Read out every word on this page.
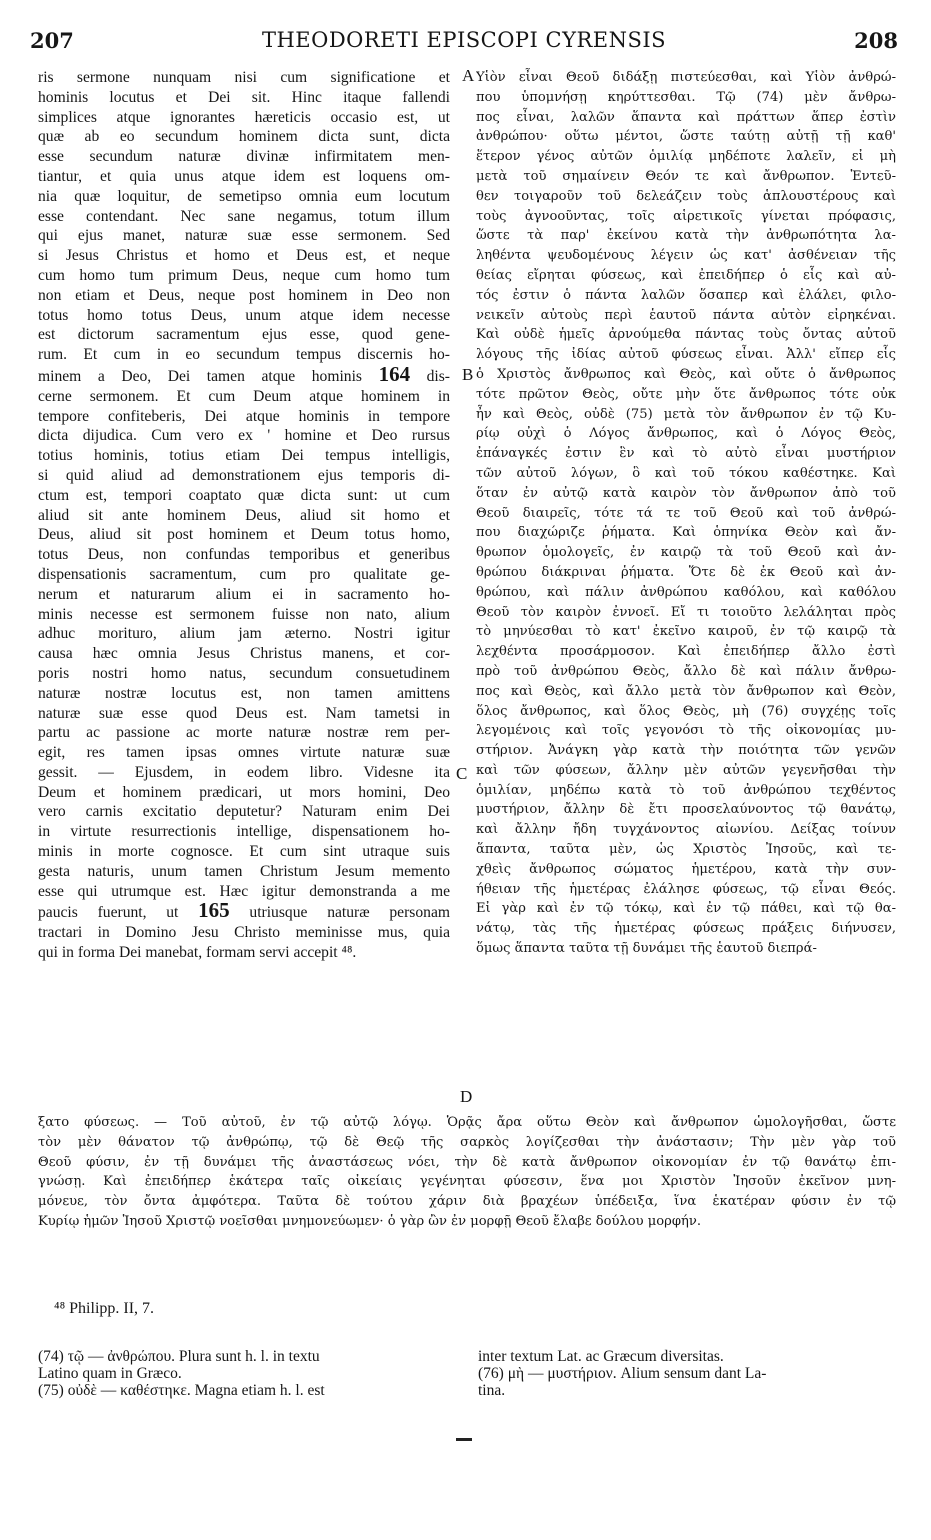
207	THEODORETI EPISCOPI CYRENSIS	208

ris sermone nunquam nisi cum significatione et

hominis locutus et Dei sit. Hinc itaque fallendi

simplices atque ignorantes hæreticis occasio est, ut

quæ ab eo secundum hominem dicta sunt, dicta

esse secundum naturæ divinæ infirmitatem men-

tiantur, et quia unus atque idem est loquens om-

nia quæ loquitur, de semetipso omnia eum locutum

esse contendant. Nec sane negamus, totum illum

qui ejus manet, naturæ suæ esse sermonem. Sed

si Jesus Christus et homo et Deus est, et neque

cum homo tum primum Deus, neque cum homo tum

non etiam et Deus, neque post hominem in Deo non

totus homo totus Deus, unum atque idem necesse

est dictorum sacramentum ejus esse, quod gene-

rum. Et cum in eo secundum tempus discernis ho-

minem a Deo, Dei tamen atque hominis 164 dis-

cerne sermonem. Et cum Deum atque hominem in

tempore confiteberis, Dei atque hominis in tempore

dicta dijudica. Cum vero ex ' homine et Deo rursus

totius hominis, totius etiam Dei tempus intelligis,

si quid aliud ad demonstrationem ejus temporis di-

ctum est, tempori coaptato quæ dicta sunt: ut cum

aliud sit ante hominem Deus, aliud sit homo et

Deus, aliud sit post hominem et Deum totus homo,

totus Deus, non confundas temporibus et generibus

dispensationis sacramentum, cum pro qualitate ge-

nerum et naturarum alium ei in sacramento ho-

minis necesse est sermonem fuisse non nato, alium

adhuc morituro, alium jam æterno. Nostri igitur

causa hæc omnia Jesus Christus manens, et cor-

poris nostri homo natus, secundum consuetudinem

naturæ nostræ locutus est, non tamen amittens

naturæ suæ esse quod Deus est. Nam tametsi in

partu ac passione ac morte naturæ nostræ rem per-

egit, res tamen ipsas omnes virtute naturæ suæ

gessit. — Ejusdem, in eodem libro. Videsne ita

Deum et hominem prædicari, ut mors homini, Deo

vero carnis excitatio deputetur? Naturam enim Dei

in virtute resurrectionis intellige, dispensationem ho-

minis in morte cognosce. Et cum sint utraque suis

gesta naturis, unum tamen Christum Jesum memento

esse qui utrumque est. Hæc igitur demonstranda a me

paucis fuerunt, ut 165 utriusque naturæ personam

tractari in Domino Jesu Christo meminisse mus, quia

qui in forma Dei manebat, formam servi accepit ⁴⁸.

Υἱὸν εἶναι Θεοῦ διδάξῃ πιστεύεσθαι, καὶ Υἱὸν ἀνθρώ-

που ὑπομνήσῃ κηρύττεσθαι. Τῷ (74) μὲν ἄνθρω-

πος εἶναι, λαλῶν ἅπαντα καὶ πράττων ἅπερ ἐστὶν

ἀνθρώπου· οὕτω μέντοι, ὥστε ταύτῃ αὐτῇ τῇ καθ'

ἕτερον γένος αὐτῶν ὁμιλίᾳ μηδέποτε λαλεῖν, εἰ μὴ

μετὰ τοῦ σημαίνειν Θεόν τε καὶ ἄνθρωπον. Ἐντεῦ-

θεν τοιγαροῦν τοῦ δελεάζειν τοὺς ἁπλουστέρους καὶ

τοὺς ἀγνοοῦντας, τοῖς αἱρετικοῖς γίνεται πρόφασις,

ὥστε τὰ παρ' ἐκείνου κατὰ τὴν ἀνθρωπότητα λα-

ληθέντα ψευδομένους λέγειν ὡς κατ' ἀσθένειαν τῆς

θείας εἴρηται φύσεως, καὶ ἐπειδήπερ ὁ εἷς καὶ αὐ-

τός ἐστιν ὁ πάντα λαλῶν ὅσαπερ καὶ ἐλάλει, φιλο-

νεικεῖν αὐτοὺς περὶ ἑαυτοῦ πάντα αὐτὸν εἰρηκέναι.

Καὶ οὐδὲ ἡμεῖς ἀρνούμεθα πάντας τοὺς ὄντας αὐτοῦ

λόγους τῆς ἰδίας αὐτοῦ φύσεως εἶναι. Ἀλλ' εἴπερ εἷς

ὁ Χριστὸς ἄνθρωπος καὶ Θεὸς, καὶ οὔτε ὁ ἄνθρωπος

τότε πρῶτον Θεὸς, οὔτε μὴν ὅτε ἄνθρωπος τότε οὐκ

ἦν καὶ Θεὸς, οὐδὲ (75) μετὰ τὸν ἄνθρωπον ἐν τῷ Κυ-

ρίῳ οὐχὶ ὁ Λόγος ἄνθρωπος, καὶ ὁ Λόγος Θεὸς,

ἐπάναγκές ἐστιν ἓν καὶ τὸ αὐτὸ εἶναι μυστήριον

τῶν αὐτοῦ λόγων, ὃ καὶ τοῦ τόκου καθέστηκε. Καὶ

ὅταν ἐν αὐτῷ κατὰ καιρὸν τὸν ἄνθρωπον ἀπὸ τοῦ

Θεοῦ διαιρεῖς, τότε τά τε τοῦ Θεοῦ καὶ τοῦ ἀνθρώ-

που διαχώριζε ῥήματα. Καὶ ὁπηνίκα Θεὸν καὶ ἄν-

θρωπον ὁμολογεῖς, ἐν καιρῷ τὰ τοῦ Θεοῦ καὶ ἀν-

θρώπου διάκριναι ῥήματα. Ὅτε δὲ ἐκ Θεοῦ καὶ ἀν-

θρώπου, καὶ πάλιν ἀνθρώπου καθόλου, καὶ καθόλου

Θεοῦ τὸν καιρὸν ἐννοεῖ. Εἴ τι τοιοῦτο λελάληται πρὸς

τὸ μηνύεσθαι τὸ κατ' ἐκεῖνο καιροῦ, ἐν τῷ καιρῷ τὰ

λεχθέντα προσάρμοσον. Καὶ ἐπειδήπερ ἄλλο ἐστὶ

πρὸ τοῦ ἀνθρώπου Θεὸς, ἄλλο δὲ καὶ πάλιν ἄνθρω-

πος καὶ Θεὸς, καὶ ἄλλο μετὰ τὸν ἄνθρωπον καὶ Θεὸν,

ὅλος ἄνθρωπος, καὶ ὅλος Θεὸς, μὴ (76) συγχέῃς τοῖς

λεγομένοις καὶ τοῖς γεγονόσι τὸ τῆς οἰκονομίας μυ-

στήριον. Ἀνάγκη γὰρ κατὰ τὴν ποιότητα τῶν γενῶν

καὶ τῶν φύσεων, ἄλλην μὲν αὐτῶν γεγενῆσθαι τὴν

ὁμιλίαν, μηδέπω κατὰ τὸ τοῦ ἀνθρώπου τεχθέντος

μυστήριον, ἄλλην δὲ ἔτι προσελαύνοντος τῷ θανάτῳ,

καὶ ἄλλην ἤδη τυγχάνοντος αἰωνίου. Δείξας τοίνυν

ἅπαντα, ταῦτα μὲν, ὡς Χριστὸς Ἰησοῦς, καὶ τε-

χθεὶς ἄνθρωπος σώματος ἡμετέρου, κατὰ τὴν συν-

ήθειαν τῆς ἡμετέρας ἐλάλησε φύσεως, τῷ εἶναι Θεός.

Εἰ γὰρ καὶ ἐν τῷ τόκῳ, καὶ ἐν τῷ πάθει, καὶ τῷ θα-

νάτῳ, τὰς τῆς ἡμετέρας φύσεως πράξεις διήνυσεν,

ὅμως ἅπαντα ταῦτα τῇ δυνάμει τῆς ἑαυτοῦ διεπρά-

ξατο φύσεως. — Τοῦ αὐτοῦ, ἐν τῷ αὐτῷ λόγῳ. Ὁρᾷς ἄρα οὕτω Θεὸν καὶ ἄνθρωπον ὡμολογῆσθαι, ὥστε

τὸν μὲν θάνατον τῷ ἀνθρώπῳ, τῷ δὲ Θεῷ τῆς σαρκὸς λογίζεσθαι τὴν ἀνάστασιν; Τὴν μὲν γὰρ τοῦ

Θεοῦ φύσιν, ἐν τῇ δυνάμει τῆς ἀναστάσεως νόει, τὴν δὲ κατὰ ἄνθρωπον οἰκονομίαν ἐν τῷ θανάτῳ ἐπι-

γνώσῃ. Καὶ ἐπειδήπερ ἑκάτερα ταῖς οἰκείαις γεγένηται φύσεσιν, ἕνα μοι Χριστὸν Ἰησοῦν ἐκεῖνον μνη-

μόνευε, τὸν ὄντα ἀμφότερα. Ταῦτα δὲ τούτου χάριν διὰ βραχέων ὑπέδειξα, ἵνα ἑκατέραν φύσιν ἐν τῷ

Κυρίῳ ἡμῶν Ἰησοῦ Χριστῷ νοεῖσθαι μνημονεύωμεν· ὁ γὰρ ὢν ἐν μορφῇ Θεοῦ ἔλαβε δούλου μορφήν.

A
B
C
D
⁴⁸ Philipp. II, 7.

(74) τῷ — ἀνθρώπου. Plura sunt h. l. in textu

Latino quam in Græco.

(75) οὐδὲ — καθέστηκε. Magna etiam h. l. est

inter textum Lat. ac Græcum diversitas.

(76) μὴ — μυστήριον. Alium sensum dant La-

tina.
